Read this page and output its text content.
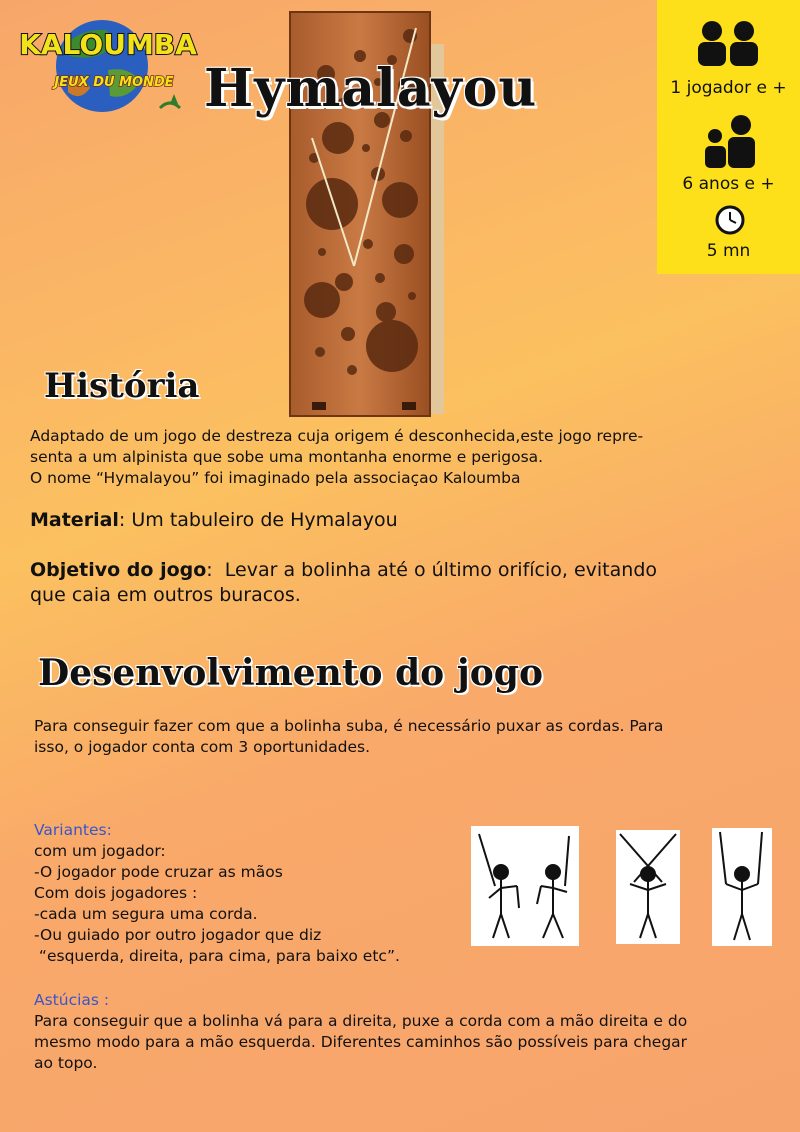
KALOUMBA
JEUX DU MONDE Hymalayou	1 jogador e +
6 anos e +
5 mn
História
Adaptado de um jogo de destreza cuja origem é desconhecida,este jogo repre-
senta a um alpinista que sobe uma montanha enorme e perigosa.
O nome “Hymalayou” foi imaginado pela associaçao Kaloumba
Material: Um tabuleiro de Hymalayou
Objetivo do jogo:  Levar a bolinha até o último orifício, evitando
que caia em outros buracos.
Desenvolvimento do jogo
Para conseguir fazer com que a bolinha suba, é necessário puxar as cordas. Para
isso, o jogador conta com 3 oportunidades.
Variantes:
com um jogador:
-O jogador pode cruzar as mãos
Com dois jogadores :
-cada um segura uma corda.
-Ou guiado por outro jogador que diz
“esquerda, direita, para cima, para baixo etc”.
Astúcias :
Para conseguir que a bolinha vá para a direita, puxe a corda com a mão direita e do
mesmo modo para a mão esquerda. Diferentes caminhos são possíveis para chegar
ao topo.
